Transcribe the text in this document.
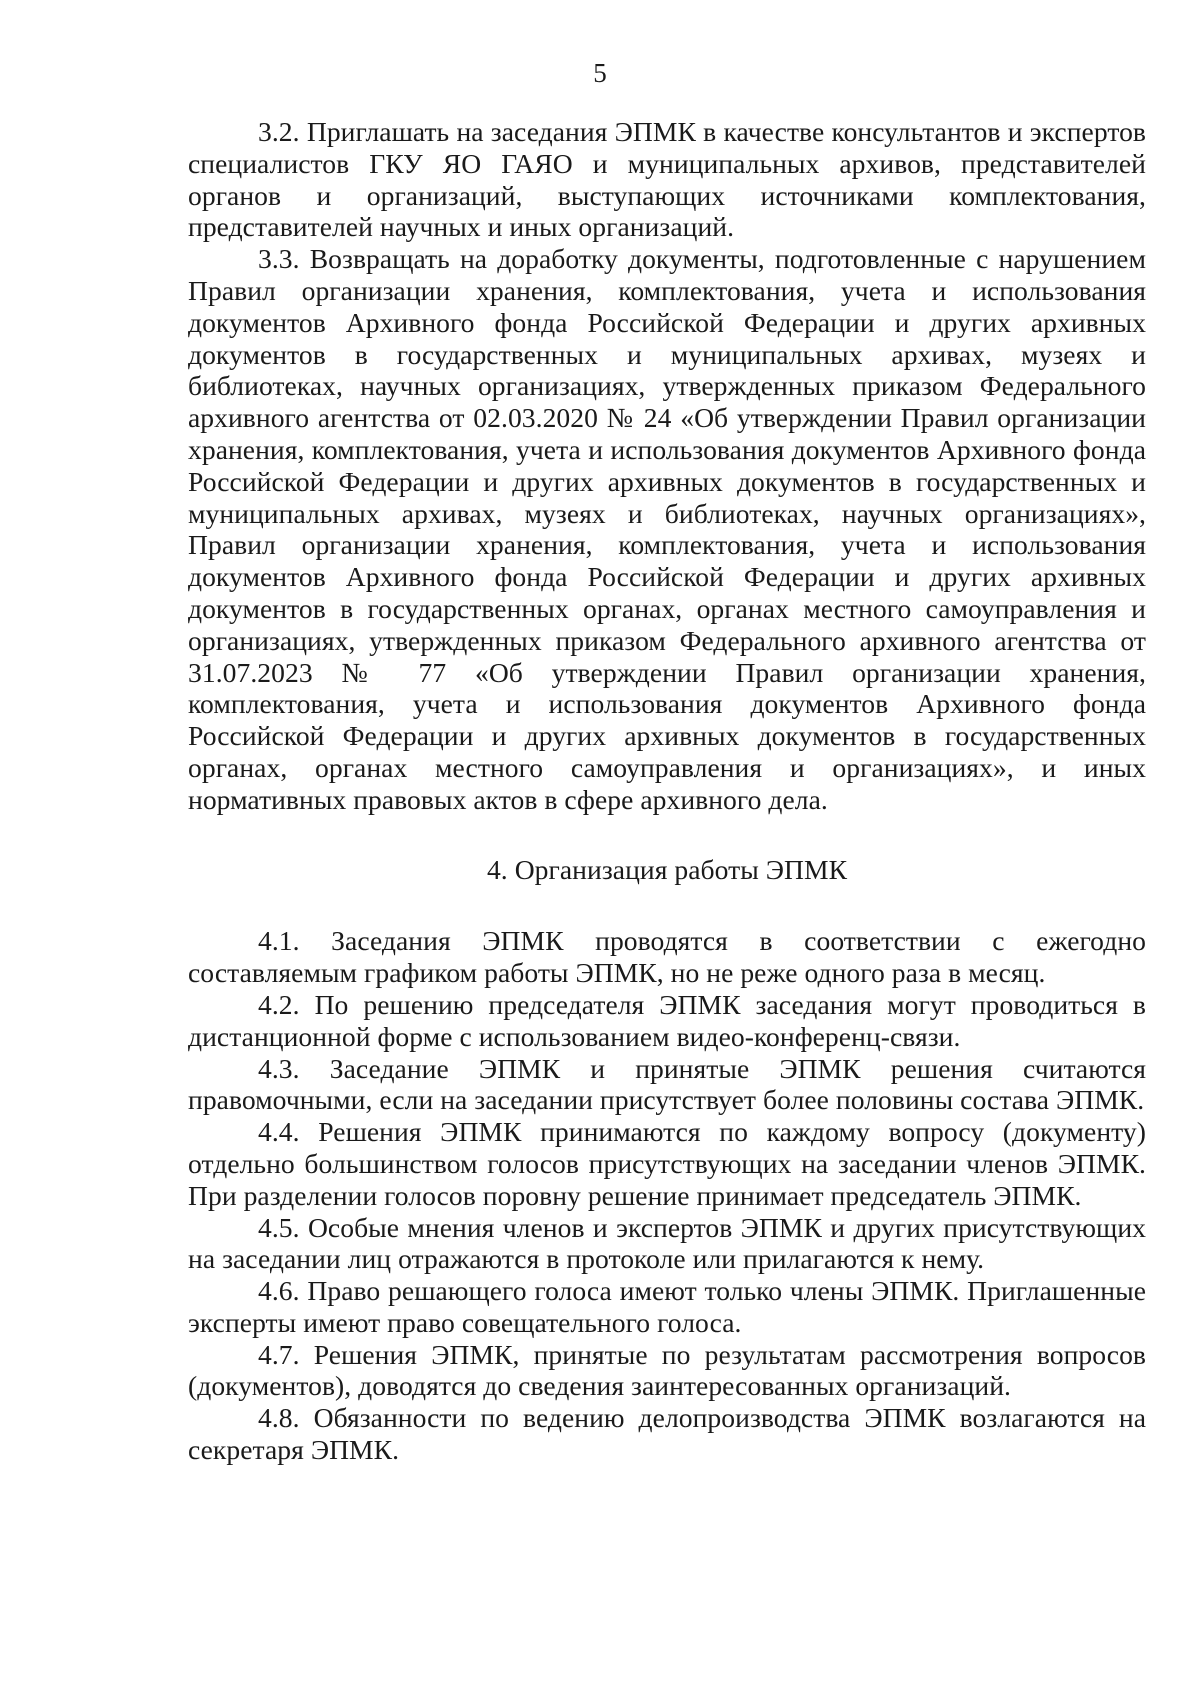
5

3.2. Приглашать на заседания ЭПМК в качестве консультантов и экспертов специалистов ГКУ ЯО ГАЯО и муниципальных архивов, представителей органов и организаций, выступающих источниками комплектования, представителей научных и иных организаций.

3.3. Возвращать на доработку документы, подготовленные с нарушением Правил организации хранения, комплектования, учета и использования документов Архивного фонда Российской Федерации и других архивных документов в государственных и муниципальных архивах, музеях и библиотеках, научных организациях, утвержденных приказом Федерального архивного агентства от 02.03.2020 № 24 «Об утверждении Правил организации хранения, комплектования, учета и использования документов Архивного фонда Российской Федерации и других архивных документов в государственных и муниципальных архивах, музеях и библиотеках, научных организациях», Правил организации хранения, комплектования, учета и использования документов Архивного фонда Российской Федерации и других архивных документов в государственных органах, органах местного самоуправления и организациях, утвержденных приказом Федерального архивного агентства от 31.07.2023 № 77 «Об утверждении Правил организации хранения, комплектования, учета и использования документов Архивного фонда Российской Федерации и других архивных документов в государственных органах, органах местного самоуправления и организациях», и иных нормативных правовых актов в сфере архивного дела.

4. Организация работы ЭПМК

4.1. Заседания ЭПМК проводятся в соответствии с ежегодно составляемым графиком работы ЭПМК, но не реже одного раза в месяц.

4.2. По решению председателя ЭПМК заседания могут проводиться в дистанционной форме с использованием видео-конференц-связи.

4.3. Заседание ЭПМК и принятые ЭПМК решения считаются правомочными, если на заседании присутствует более половины состава ЭПМК.

4.4. Решения ЭПМК принимаются по каждому вопросу (документу) отдельно большинством голосов присутствующих на заседании членов ЭПМК. При разделении голосов поровну решение принимает председатель ЭПМК.

4.5. Особые мнения членов и экспертов ЭПМК и других присутствующих на заседании лиц отражаются в протоколе или прилагаются к нему.

4.6. Право решающего голоса имеют только члены ЭПМК. Приглашенные эксперты имеют право совещательного голоса.

4.7. Решения ЭПМК, принятые по результатам рассмотрения вопросов (документов), доводятся до сведения заинтересованных организаций.

4.8. Обязанности по ведению делопроизводства ЭПМК возлагаются на секретаря ЭПМК.
